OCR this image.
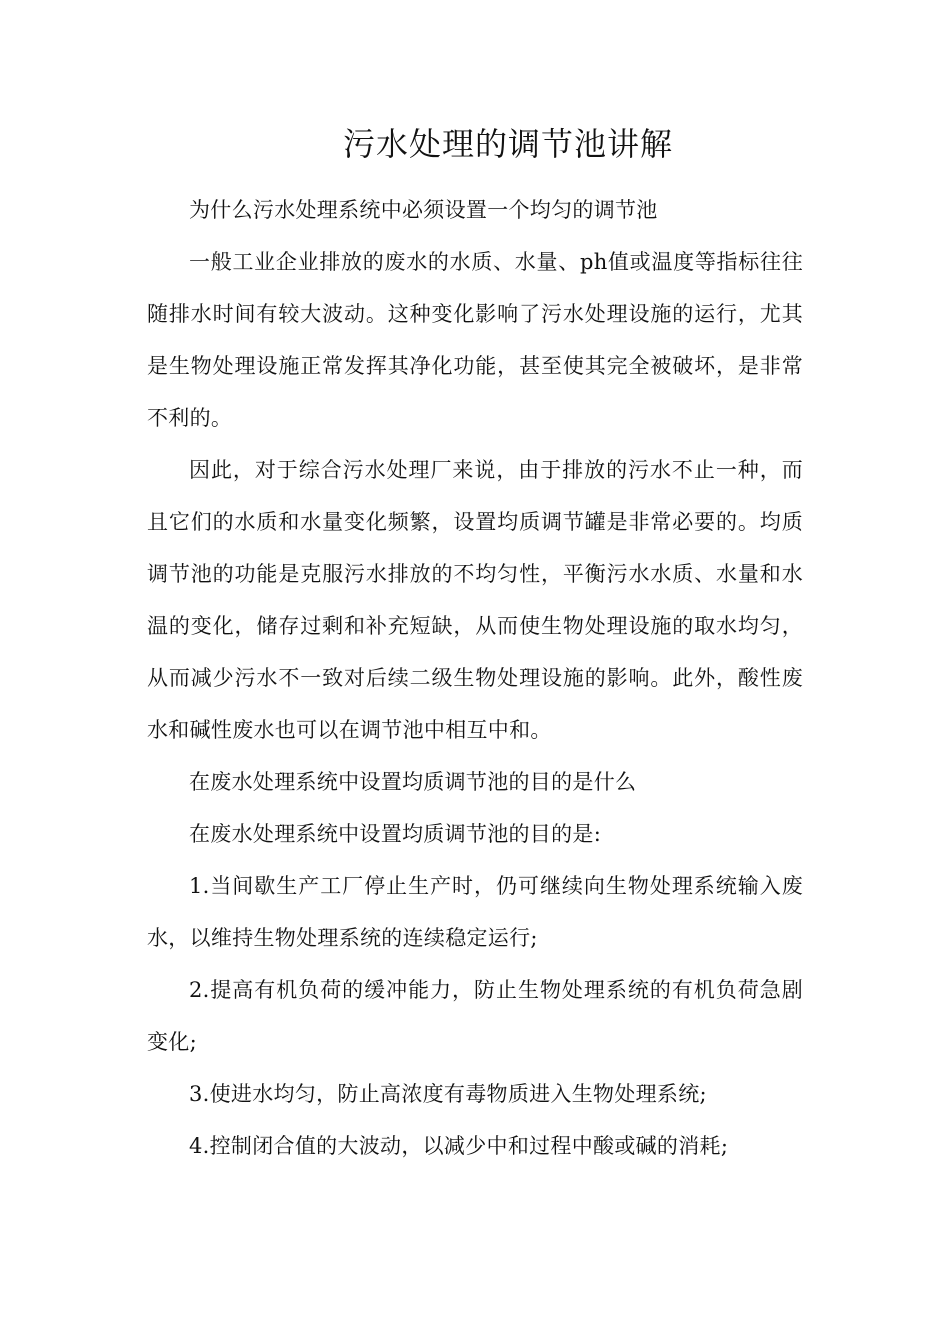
污水处理的调节池讲解

为什么污水处理系统中必须设置一个均匀的调节池

一般工业企业排放的废水的水质、水量、ph值或温度等指标往往随排水时间有较大波动。这种变化影响了污水处理设施的运行，尤其是生物处理设施正常发挥其净化功能，甚至使其完全被破坏，是非常不利的。

因此，对于综合污水处理厂来说，由于排放的污水不止一种，而且它们的水质和水量变化频繁，设置均质调节罐是非常必要的。均质调节池的功能是克服污水排放的不均匀性，平衡污水水质、水量和水温的变化，储存过剩和补充短缺，从而使生物处理设施的取水均匀，从而减少污水不一致对后续二级生物处理设施的影响。此外，酸性废水和碱性废水也可以在调节池中相互中和。

在废水处理系统中设置均质调节池的目的是什么

在废水处理系统中设置均质调节池的目的是:

1.当间歇生产工厂停止生产时，仍可继续向生物处理系统输入废水，以维持生物处理系统的连续稳定运行;

2.提高有机负荷的缓冲能力，防止生物处理系统的有机负荷急剧变化;

3.使进水均匀，防止高浓度有毒物质进入生物处理系统;

4.控制闭合值的大波动，以减少中和过程中酸或碱的消耗;
